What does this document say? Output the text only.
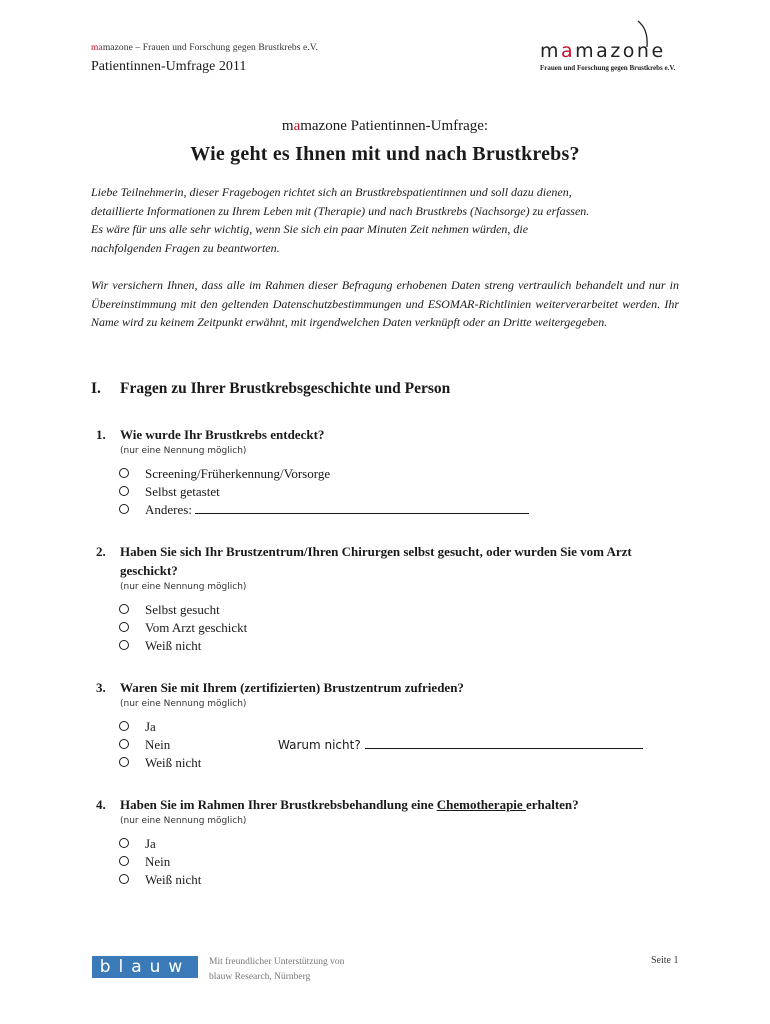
mamazone – Frauen und Forschung gegen Brustkrebs e.V.
Patientinnen-Umfrage 2011
mamazone
Frauen und Forschung gegen Brustkrebs e.V.
mamazone Patientinnen-Umfrage:
Wie geht es Ihnen mit und nach Brustkrebs?

Liebe Teilnehmerin, dieser Fragebogen richtet sich an Brustkrebspatientinnen und soll dazu dienen,

detaillierte Informationen zu Ihrem Leben mit (Therapie) und nach Brustkrebs (Nachsorge) zu erfassen.

Es wäre für uns alle sehr wichtig, wenn Sie sich ein paar Minuten Zeit nehmen würden, die

nachfolgenden Fragen zu beantworten.

Wir versichern Ihnen, dass alle im Rahmen dieser Befragung erhobenen Daten streng vertraulich behandelt und nur in Übereinstimmung mit den geltenden Datenschutzbestimmungen und ESOMAR-Richtlinien weiterverarbeitet werden. Ihr Name wird zu keinem Zeitpunkt erwähnt, mit irgendwelchen Daten verknüpft oder an Dritte weitergegeben.
I. Fragen zu Ihrer Brustkrebsgeschichte und Person
1. Wie wurde Ihr Brustkrebs entdeckt?
(nur eine Nennung möglich)
Screening/Früherkennung/Vorsorge
Selbst getastet
Anderes:
2. Haben Sie sich Ihr Brustzentrum/Ihren Chirurgen selbst gesucht, oder wurden Sie vom Arzt geschickt?
(nur eine Nennung möglich)
Selbst gesucht
Vom Arzt geschickt
Weiß nicht
3. Waren Sie mit Ihrem (zertifizierten) Brustzentrum zufrieden?
(nur eine Nennung möglich)
Ja
Nein	Warum nicht?
Weiß nicht
4. Haben Sie im Rahmen Ihrer Brustkrebsbehandlung eine Chemotherapie erhalten?
(nur eine Nennung möglich)
Ja
Nein
Weiß nicht
blauw	Mit freundlicher Unterstützung von
blauw Research, Nürnberg
Seite 1
